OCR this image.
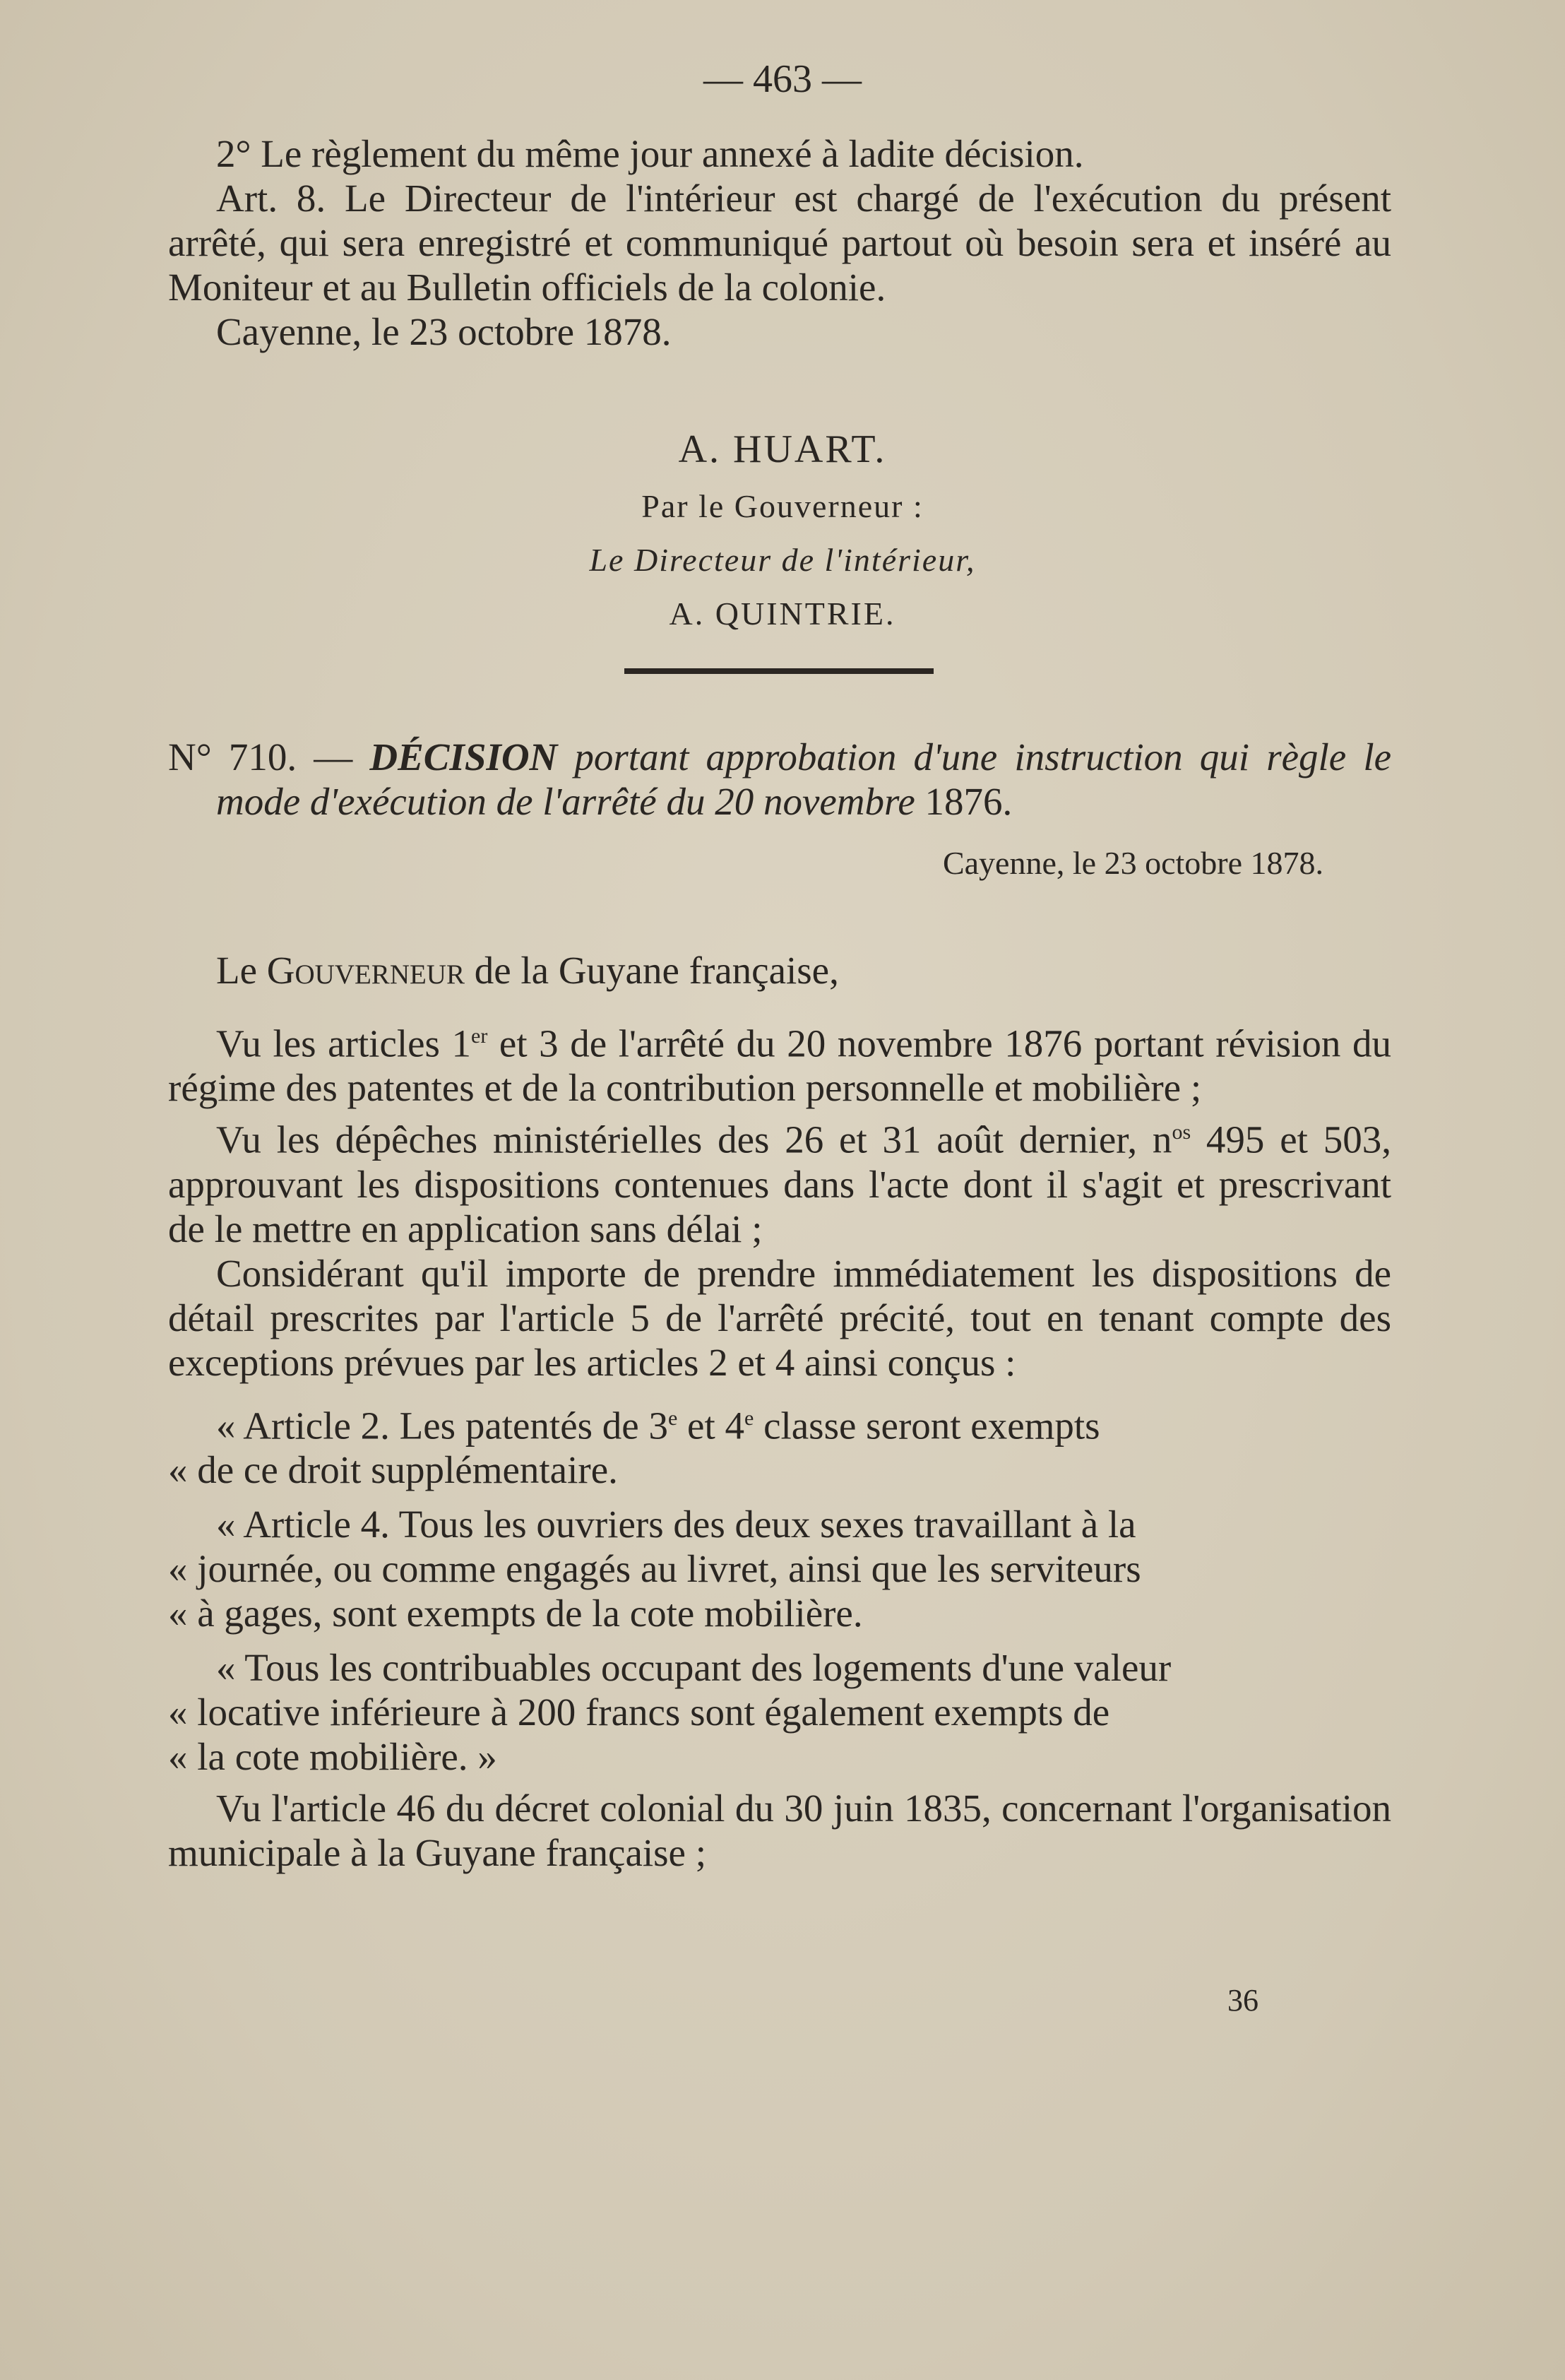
— 463 —

2° Le règlement du même jour annexé à ladite décision.

Art. 8. Le Directeur de l'intérieur est chargé de l'exécution du présent arrêté, qui sera enregistré et communiqué partout où besoin sera et inséré au Moniteur et au Bulletin officiels de la colonie.

Cayenne, le 23 octobre 1878.

A. HUART.
Par le Gouverneur :
Le Directeur de l'intérieur,
A. QUINTRIE.

N° 710. — DÉCISION portant approbation d'une instruction qui règle le mode d'exécution de l'arrêté du 20 novembre 1876.

Cayenne, le 23 octobre 1878.

Le Gouverneur de la Guyane française,

Vu les articles 1er et 3 de l'arrêté du 20 novembre 1876 portant révision du régime des patentes et de la contribution personnelle et mobilière ;

Vu les dépêches ministérielles des 26 et 31 août dernier, $n^{os}$ 495 et 503, approuvant les dispositions contenues dans l'acte dont il s'agit et prescrivant de le mettre en application sans délai ;

Considérant qu'il importe de prendre immédiatement les dispositions de détail prescrites par l'article 5 de l'arrêté précité, tout en tenant compte des exceptions prévues par les articles 2 et 4 ainsi conçus :

« Article 2. Les patentés de 3e et 4e classe seront exempts

« de ce droit supplémentaire.

« Article 4. Tous les ouvriers des deux sexes travaillant à la

« journée, ou comme engagés au livret, ainsi que les serviteurs

« à gages, sont exempts de la cote mobilière.

« Tous les contribuables occupant des logements d'une valeur

« locative inférieure à 200 francs sont également exempts de

« la cote mobilière. »

Vu l'article 46 du décret colonial du 30 juin 1835, concernant l'organisation municipale à la Guyane française ;

36
